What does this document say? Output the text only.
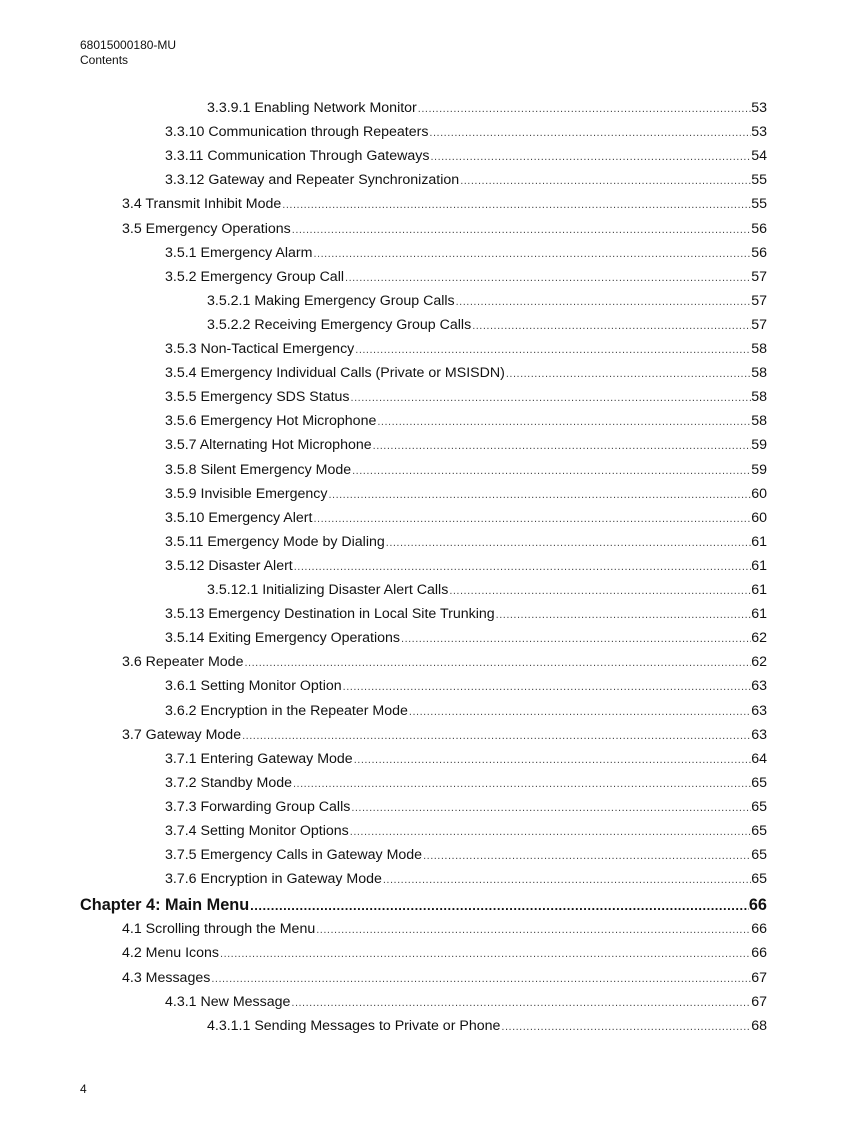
68015000180-MU
Contents
3.3.9.1 Enabling Network Monitor .....	53
3.3.10 Communication through Repeaters .....	53
3.3.11 Communication Through Gateways .....	54
3.3.12 Gateway and Repeater Synchronization .....	55
3.4 Transmit Inhibit Mode .....	55
3.5 Emergency Operations .....	56
3.5.1 Emergency Alarm .....	56
3.5.2 Emergency Group Call .....	57
3.5.2.1 Making Emergency Group Calls .....	57
3.5.2.2 Receiving Emergency Group Calls .....	57
3.5.3 Non-Tactical Emergency .....	58
3.5.4 Emergency Individual Calls (Private or MSISDN) .....	58
3.5.5 Emergency SDS Status .....	58
3.5.6 Emergency Hot Microphone .....	58
3.5.7 Alternating Hot Microphone .....	59
3.5.8 Silent Emergency Mode .....	59
3.5.9 Invisible Emergency .....	60
3.5.10 Emergency Alert .....	60
3.5.11 Emergency Mode by Dialing .....	61
3.5.12 Disaster Alert .....	61
3.5.12.1 Initializing Disaster Alert Calls .....	61
3.5.13 Emergency Destination in Local Site Trunking .....	61
3.5.14 Exiting Emergency Operations .....	62
3.6 Repeater Mode .....	62
3.6.1 Setting Monitor Option .....	63
3.6.2 Encryption in the Repeater Mode .....	63
3.7 Gateway Mode .....	63
3.7.1 Entering Gateway Mode .....	64
3.7.2 Standby Mode .....	65
3.7.3 Forwarding Group Calls .....	65
3.7.4 Setting Monitor Options .....	65
3.7.5 Emergency Calls in Gateway Mode .....	65
3.7.6 Encryption in Gateway Mode .....	65
Chapter 4: Main Menu .....	66
4.1 Scrolling through the Menu .....	66
4.2 Menu Icons .....	66
4.3 Messages .....	67
4.3.1 New Message .....	67
4.3.1.1 Sending Messages to Private or Phone .....	68
4
